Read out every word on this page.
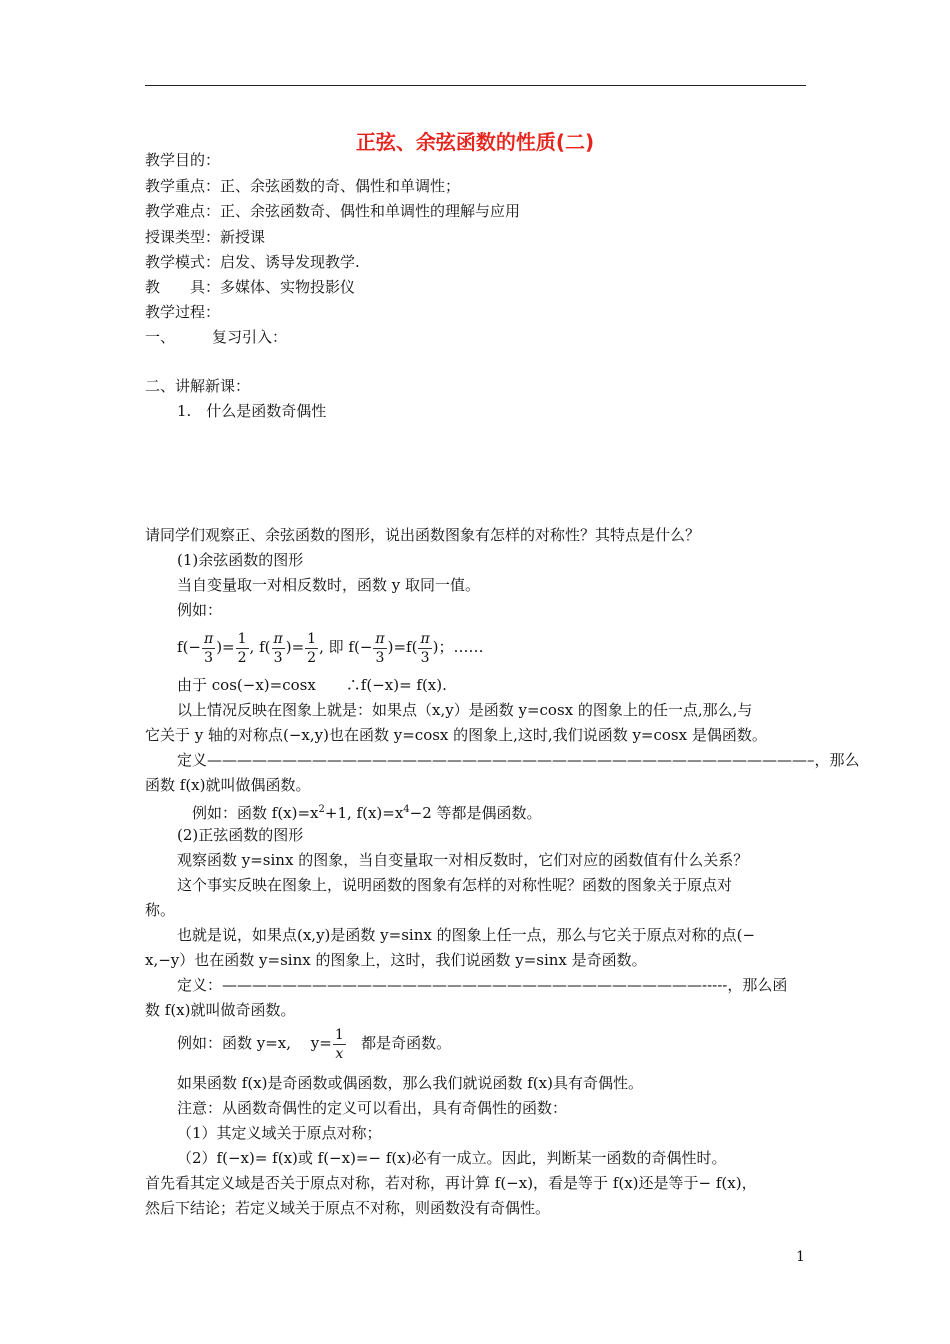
正弦、余弦函数的性质(二)
教学目的：
教学重点：正、余弦函数的奇、偶性和单调性；
教学难点：正、余弦函数奇、偶性和单调性的理解与应用
授课类型：新授课
教学模式：启发、诱导发现教学.
教　　具：多媒体、实物投影仪
教学过程：
一、 复习引入：
二、讲解新课：
1.　什么是函数奇偶性
请同学们观察正、余弦函数的图形，说出函数图象有怎样的对称性？其特点是什么？
(1)余弦函数的图形
当自变量取一对相反数时，函数 y 取同一值。
例如：
$f(- \frac{\pi}{3}$ )= $\frac{1}{2}$ , $f( \frac{\pi}{3}$ )= $\frac{1}{2}$ , 即 $f(- \frac{\pi}{3} )=f( \frac{\pi}{3}$ )；……
由于 cos(−x)=cosx　　∴f(−x)= f(x).
以上情况反映在图象上就是：如果点（x,y）是函数 y=cosx 的图象上的任一点,那么,与
它关于 y 轴的对称点(−x,y)也在函数 y=cosx 的图象上,这时,我们说函数 y=cosx 是偶函数。
定义————————————————————————————————————————–，那么
函数 f(x)就叫做偶函数。
例如：函数 $f(x)=x^2+1$, $f(x)=x^4-2$ 等都是偶函数。
(2)正弦函数的图形
观察函数 y=sinx 的图象，当自变量取一对相反数时，它们对应的函数值有什么关系？
这个事实反映在图象上，说明函数的图象有怎样的对称性呢？函数的图象关于原点对
称。
也就是说，如果点(x,y)是函数 y=sinx 的图象上任一点，那么与它关于原点对称的点(−
x,−y）也在函数 y=sinx 的图象上，这时，我们说函数 y=sinx 是奇函数。
定义：————————————————————————————————-----，那么函
数 f(x)就叫做奇函数。
例如：函数 y=x,　 $y= \frac{1}{x}$ 都是奇函数。
如果函数 f(x)是奇函数或偶函数，那么我们就说函数 f(x)具有奇偶性。
注意：从函数奇偶性的定义可以看出，具有奇偶性的函数：
（1）其定义域关于原点对称；
（2）f(−x)= f(x)或 f(−x)=− f(x)必有一成立。因此，判断某一函数的奇偶性时。
首先看其定义域是否关于原点对称，若对称，再计算 f(−x)，看是等于 f(x)还是等于− f(x)，
然后下结论；若定义域关于原点不对称，则函数没有奇偶性。
1
